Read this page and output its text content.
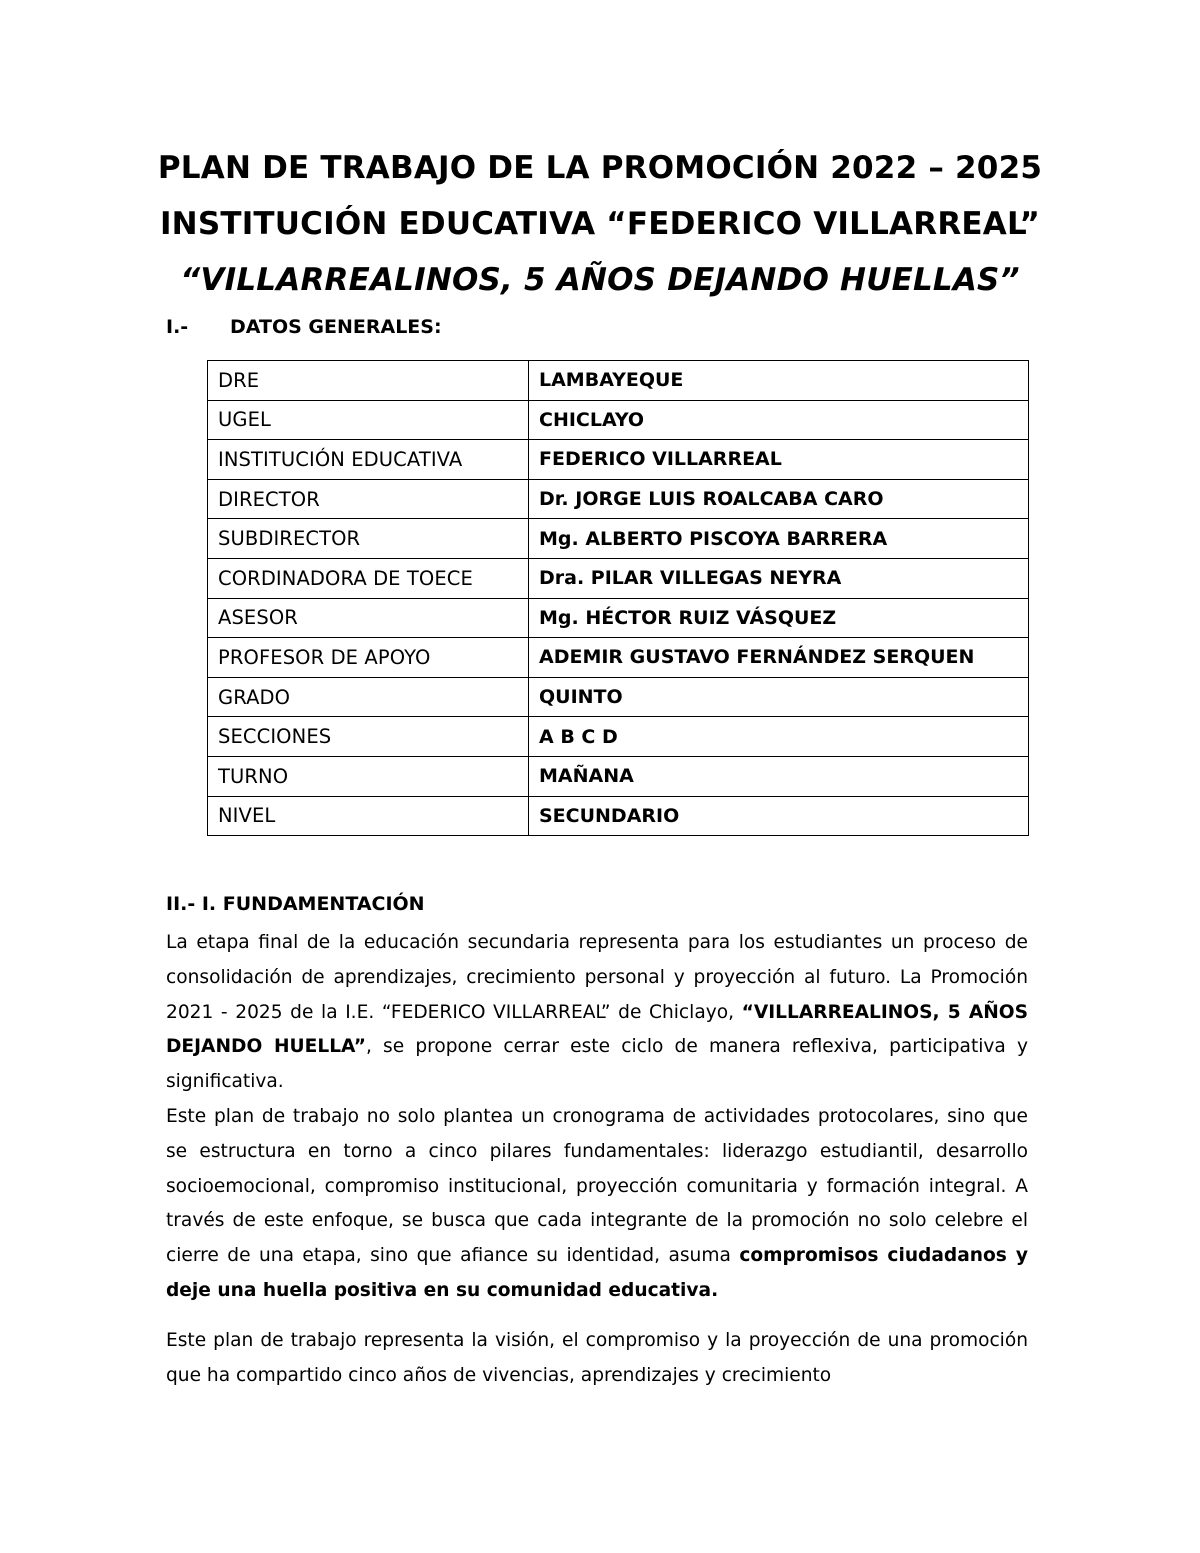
PLAN DE TRABAJO DE LA PROMOCIÓN 2022 – 2025
INSTITUCIÓN EDUCATIVA “FEDERICO VILLARREAL”
“VILLARREALINOS, 5 AÑOS DEJANDO HUELLAS”
I.- DATOS GENERALES:
DRE	LAMBAYEQUE
UGEL	CHICLAYO
INSTITUCIÓN EDUCATIVA	FEDERICO VILLARREAL
DIRECTOR	Dr. JORGE LUIS ROALCABA CARO
SUBDIRECTOR	Mg. ALBERTO PISCOYA BARRERA
CORDINADORA DE TOECE	Dra. PILAR VILLEGAS NEYRA
ASESOR	Mg. HÉCTOR RUIZ VÁSQUEZ
PROFESOR DE APOYO	ADEMIR GUSTAVO FERNÁNDEZ SERQUEN
GRADO	QUINTO
SECCIONES	A B C D
TURNO	MAÑANA
NIVEL	SECUNDARIO
II.- I. FUNDAMENTACIÓN
La etapa final de la educación secundaria representa para los estudiantes un proceso de consolidación de aprendizajes, crecimiento personal y proyección al futuro. La Promoción 2021 - 2025 de la I.E. “FEDERICO VILLARREAL” de Chiclayo, “VILLARREALINOS, 5 AÑOS DEJANDO HUELLA”, se propone cerrar este ciclo de manera reflexiva, participativa y significativa.
Este plan de trabajo no solo plantea un cronograma de actividades protocolares, sino que se estructura en torno a cinco pilares fundamentales: liderazgo estudiantil, desarrollo socioemocional, compromiso institucional, proyección comunitaria y formación integral. A través de este enfoque, se busca que cada integrante de la promoción no solo celebre el cierre de una etapa, sino que afiance su identidad, asuma compromisos ciudadanos y deje una huella positiva en su comunidad educativa.
Este plan de trabajo representa la visión, el compromiso y la proyección de una promoción que ha compartido cinco años de vivencias, aprendizajes y crecimiento
